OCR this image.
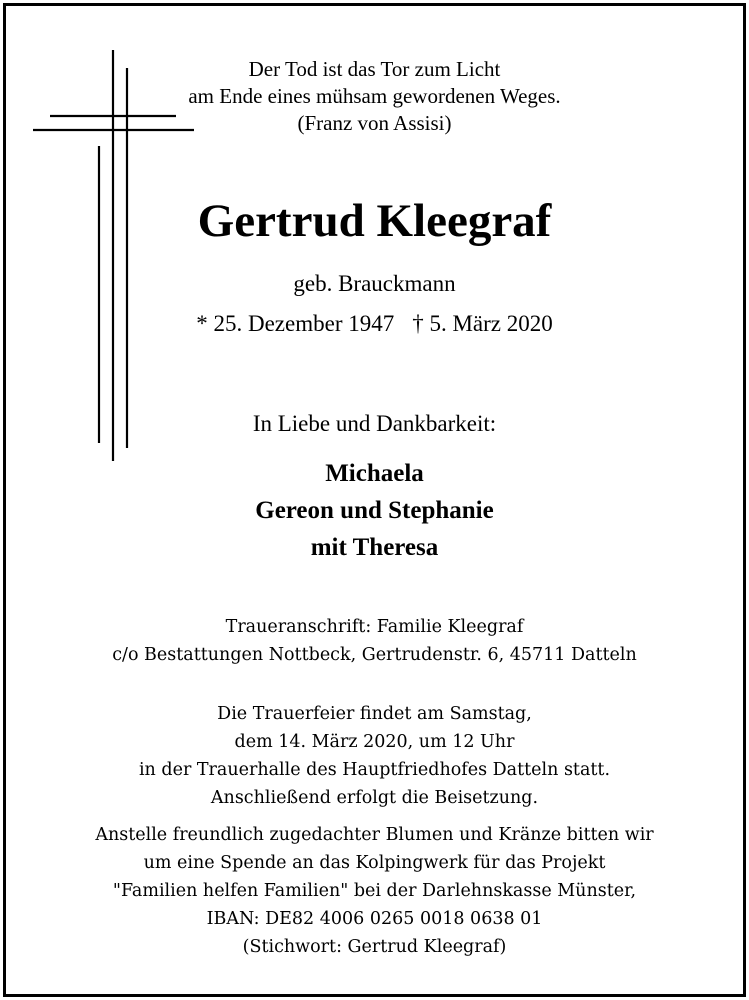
Der Tod ist das Tor zum Licht
am Ende eines mühsam gewordenen Weges.
(Franz von Assisi)
Gertrud Kleegraf
geb. Brauckmann
* 25. Dezember 1947 † 5. März 2020
In Liebe und Dankbarkeit:
Michaela
Gereon und Stephanie
mit Theresa
Traueranschrift: Familie Kleegraf
c/o Bestattungen Nottbeck, Gertrudenstr. 6, 45711 Datteln
Die Trauerfeier findet am Samstag,
dem 14. März 2020, um 12 Uhr
in der Trauerhalle des Hauptfriedhofes Datteln statt.
Anschließend erfolgt die Beisetzung.
Anstelle freundlich zugedachter Blumen und Kränze bitten wir
um eine Spende an das Kolpingwerk für das Projekt
"Familien helfen Familien" bei der Darlehnskasse Münster,
IBAN: DE82 4006 0265 0018 0638 01
(Stichwort: Gertrud Kleegraf)
